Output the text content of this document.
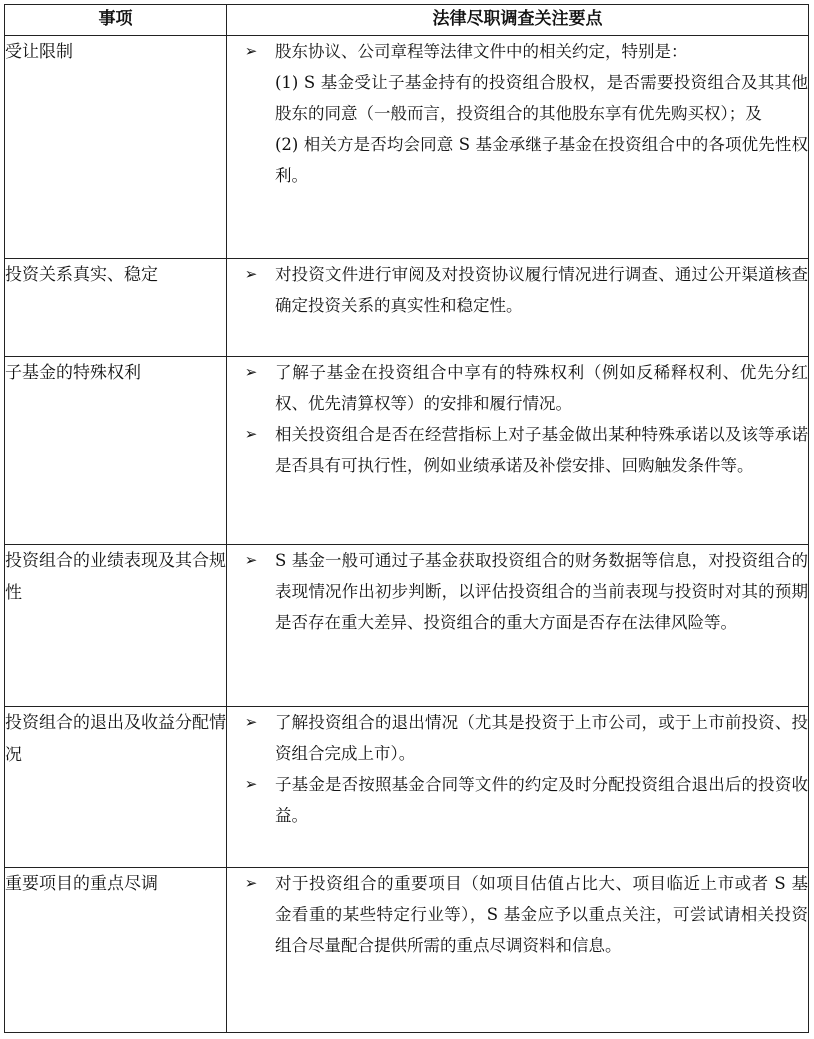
事项	法律尽职调查关注要点

受让限制	➢ 股东协议、公司章程等法律文件中的相关约定，特别是：
(1) S 基金受让子基金持有的投资组合股权，是否需要投资组合及其其他股东的同意（一般而言，投资组合的其他股东享有优先购买权）；及
(2) 相关方是否均会同意 S 基金承继子基金在投资组合中的各项优先性权利。

投资关系真实、稳定	➢ 对投资文件进行审阅及对投资协议履行情况进行调查、通过公开渠道核查确定投资关系的真实性和稳定性。

子基金的特殊权利	➢ 了解子基金在投资组合中享有的特殊权利（例如反稀释权利、优先分红权、优先清算权等）的安排和履行情况。
➢ 相关投资组合是否在经营指标上对子基金做出某种特殊承诺以及该等承诺是否具有可执行性，例如业绩承诺及补偿安排、回购触发条件等。

投资组合的业绩表现及其合规性	➢ S 基金一般可通过子基金获取投资组合的财务数据等信息，对投资组合的表现情况作出初步判断，以评估投资组合的当前表现与投资时对其的预期是否存在重大差异、投资组合的重大方面是否存在法律风险等。

投资组合的退出及收益分配情况	➢ 了解投资组合的退出情况（尤其是投资于上市公司，或于上市前投资、投资组合完成上市）。
➢ 子基金是否按照基金合同等文件的约定及时分配投资组合退出后的投资收益。

重要项目的重点尽调	➢ 对于投资组合的重要项目（如项目估值占比大、项目临近上市或者 S 基金看重的某些特定行业等），S 基金应予以重点关注，可尝试请相关投资组合尽量配合提供所需的重点尽调资料和信息。
